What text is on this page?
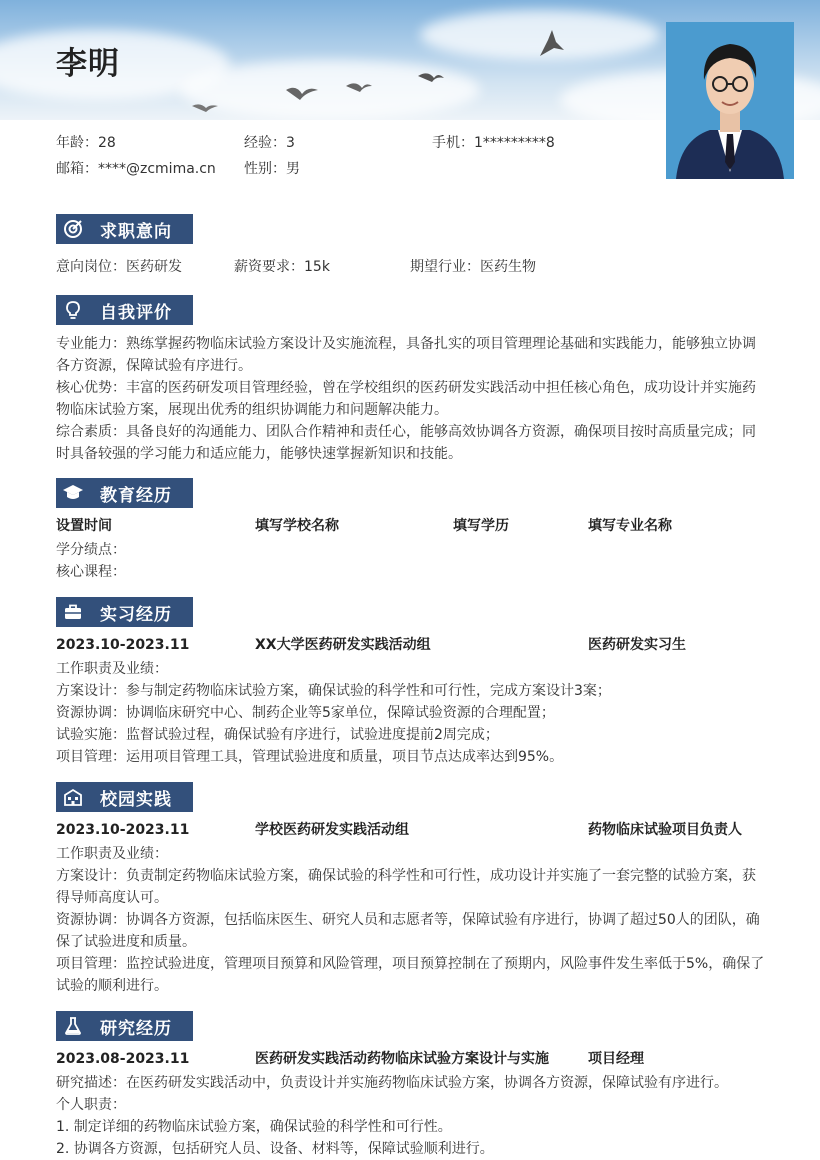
李明
年龄：28	经验：3	手机：1*********8
邮箱：****@zcmima.cn 性别：男
求职意向
意向岗位：医药研发	薪资要求：15k	期望行业：医药生物
自我评价
专业能力：熟练掌握药物临床试验方案设计及实施流程，具备扎实的项目管理理论基础和实践能力，能够独立协调各方资源，保障试验有序进行。
核心优势：丰富的医药研发项目管理经验，曾在学校组织的医药研发实践活动中担任核心角色，成功设计并实施药物临床试验方案，展现出优秀的组织协调能力和问题解决能力。
综合素质：具备良好的沟通能力、团队合作精神和责任心，能够高效协调各方资源，确保项目按时高质量完成；同时具备较强的学习能力和适应能力，能够快速掌握新知识和技能。
教育经历
设置时间	填写学校名称	填写学历	填写专业名称
学分绩点：
核心课程：
实习经历
2023.10-2023.11	XX大学医药研发实践活动组	医药研发实习生
工作职责及业绩：
方案设计：参与制定药物临床试验方案，确保试验的科学性和可行性，完成方案设计3案；
资源协调：协调临床研究中心、制药企业等5家单位，保障试验资源的合理配置；
试验实施：监督试验过程，确保试验有序进行，试验进度提前2周完成；
项目管理：运用项目管理工具，管理试验进度和质量，项目节点达成率达到95%。
校园实践
2023.10-2023.11	学校医药研发实践活动组	药物临床试验项目负责人
工作职责及业绩：
方案设计：负责制定药物临床试验方案，确保试验的科学性和可行性，成功设计并实施了一套完整的试验方案，获得导师高度认可。
资源协调：协调各方资源，包括临床医生、研究人员和志愿者等，保障试验有序进行，协调了超过50人的团队，确保了试验进度和质量。
项目管理：监控试验进度，管理项目预算和风险管理，项目预算控制在了预期内，风险事件发生率低于5%，确保了试验的顺利进行。
研究经历
2023.08-2023.11	医药研发实践活动药物临床试验方案设计与实施	项目经理
研究描述：在医药研发实践活动中，负责设计并实施药物临床试验方案，协调各方资源，保障试验有序进行。
个人职责：
1. 制定详细的药物临床试验方案，确保试验的科学性和可行性。
2. 协调各方资源，包括研究人员、设备、材料等，保障试验顺利进行。
